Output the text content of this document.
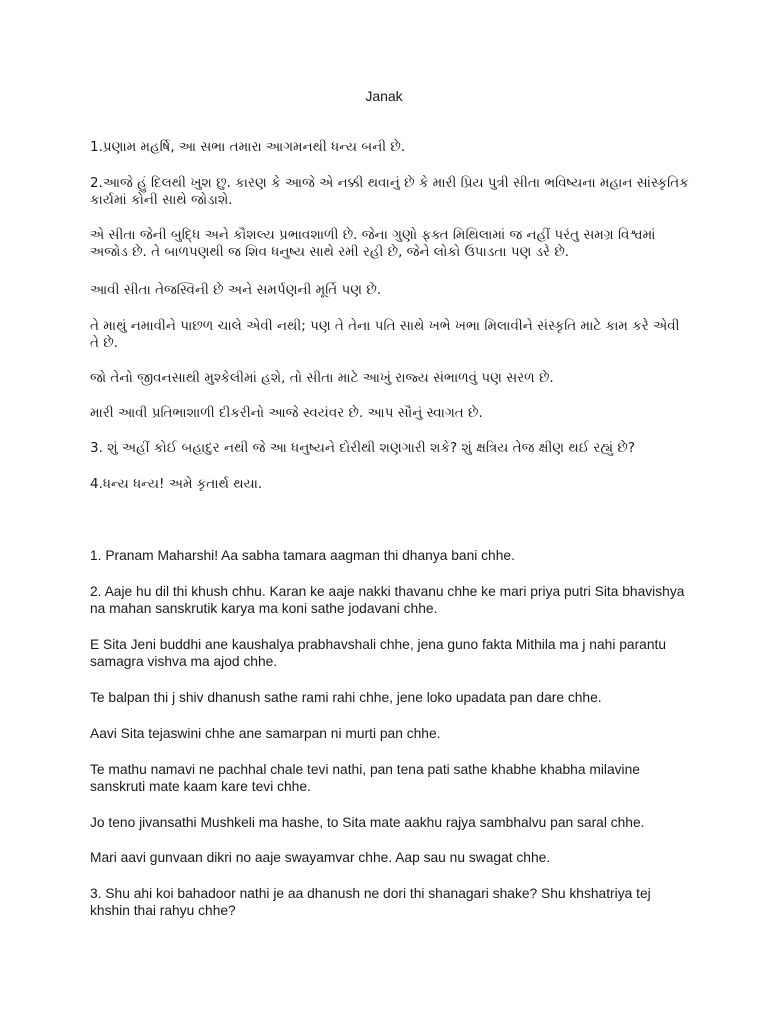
Janak

1.પ્રણામ મહર્ષિ, આ સભા તમારા આગમનથી ધન્ય બની છે.

2.આજે હું દિલથી ખુશ છુ. કારણ કે આજે એ નક્કી થવાનું છે કે મારી પ્રિય પુત્રી સીતા ભવિષ્યના મહાન સાંસ્કૃતિક કાર્યમાં કોની સાથે જોડાશે.

એ સીતા જેની બુદ્ધિ અને કૌશલ્ય પ્રભાવશાળી છે. જેના ગુણો ફક્ત મિથિલામાં જ નહીં પરંતુ સમગ્ર વિશ્વમાં અજોડ છે. તે બાળપણથી જ શિવ ધનુષ્ય સાથે રમી રહી છે, જેને લોકો ઉપાડતા પણ ડરે છે.

આવી સીતા તેજસ્વિની છે અને સમર્પણની મૂર્તિ પણ છે.

તે માથું નમાવીને પાછળ ચાલે એવી નથી; પણ તે તેના પતિ સાથે ખભે ખભા મિલાવીને સંસ્કૃતિ માટે કામ કરે એવી તે છે.

જો તેનો જીવનસાથી મુશ્કેલીમાં હશે, તો સીતા માટે આખું રાજ્ય સંભાળવું પણ સરળ છે.

મારી આવી પ્રતિભાશાળી દીકરીનો આજે સ્વયંવર છે. આપ સૌનું સ્વાગત છે.

3. શું અહીં કોઈ બહાદુર નથી જે આ ધનુષ્યને દોરીથી શણગારી શકે? શું ક્ષત્રિય તેજ ક્ષીણ થઈ રહ્યું છે?

4.ધન્ય ધન્ય! અમે કૃતાર્થ થયા.

1. Pranam Maharshi! Aa sabha tamara aagman thi dhanya bani chhe.

2. Aaje hu dil thi khush chhu. Karan ke aaje nakki thavanu chhe ke mari priya putri Sita bhavishya na mahan sanskrutik karya ma koni sathe jodavani chhe.

E Sita Jeni buddhi ane kaushalya prabhavshali chhe, jena guno fakta Mithila ma j nahi parantu samagra vishva ma ajod chhe.

Te balpan thi j shiv dhanush sathe rami rahi chhe, jene loko upadata pan dare chhe.

Aavi Sita tejaswini chhe ane samarpan ni murti pan chhe.

Te mathu namavi ne pachhal chale tevi nathi, pan tena pati sathe khabhe khabha milavine sanskruti mate kaam kare tevi chhe.

Jo teno jivansathi Mushkeli ma hashe, to Sita mate aakhu rajya sambhalvu pan saral chhe.

Mari aavi gunvaan dikri no aaje swayamvar chhe. Aap sau nu swagat chhe.

3. Shu ahi koi bahadoor nathi je aa dhanush ne dori thi shanagari shake? Shu khshatriya tej khshin thai rahyu chhe?
